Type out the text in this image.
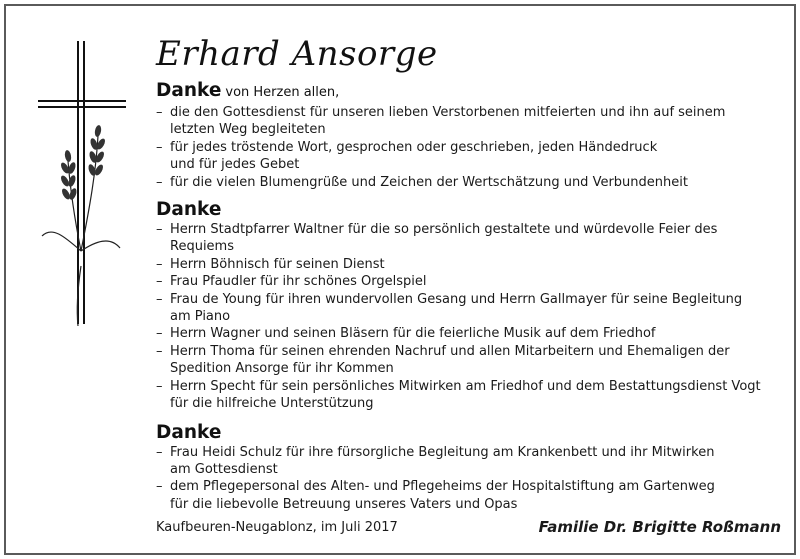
Erhard Ansorge
Danke von Herzen allen,
– die den Gottesdienst für unseren lieben Verstorbenen mitfeierten und ihn auf seinem
letzten Weg begleiteten
– für jedes tröstende Wort, gesprochen oder geschrieben, jeden Händedruck
und für jedes Gebet
– für die vielen Blumengrüße und Zeichen der Wertschätzung und Verbundenheit
Danke
– Herrn Stadtpfarrer Waltner für die so persönlich gestaltete und würdevolle Feier des Requiems
– Herrn Böhnisch für seinen Dienst
– Frau Pfaudler für ihr schönes Orgelspiel
– Frau de Young für ihren wundervollen Gesang und Herrn Gallmayer für seine Begleitung
am Piano
– Herrn Wagner und seinen Bläsern für die feierliche Musik auf dem Friedhof
– Herrn Thoma für seinen ehrenden Nachruf und allen Mitarbeitern und Ehemaligen der
Spedition Ansorge für ihr Kommen
– Herrn Specht für sein persönliches Mitwirken am Friedhof und dem Bestattungsdienst Vogt
für die hilfreiche Unterstützung
Danke
– Frau Heidi Schulz für ihre fürsorgliche Begleitung am Krankenbett und ihr Mitwirken
am Gottesdienst
– dem Pflegepersonal des Alten- und Pflegeheims der Hospitalstiftung am Gartenweg
für die liebevolle Betreuung unseres Vaters und Opas
Kaufbeuren-Neugablonz, im Juli 2017	Familie Dr. Brigitte Roßmann
